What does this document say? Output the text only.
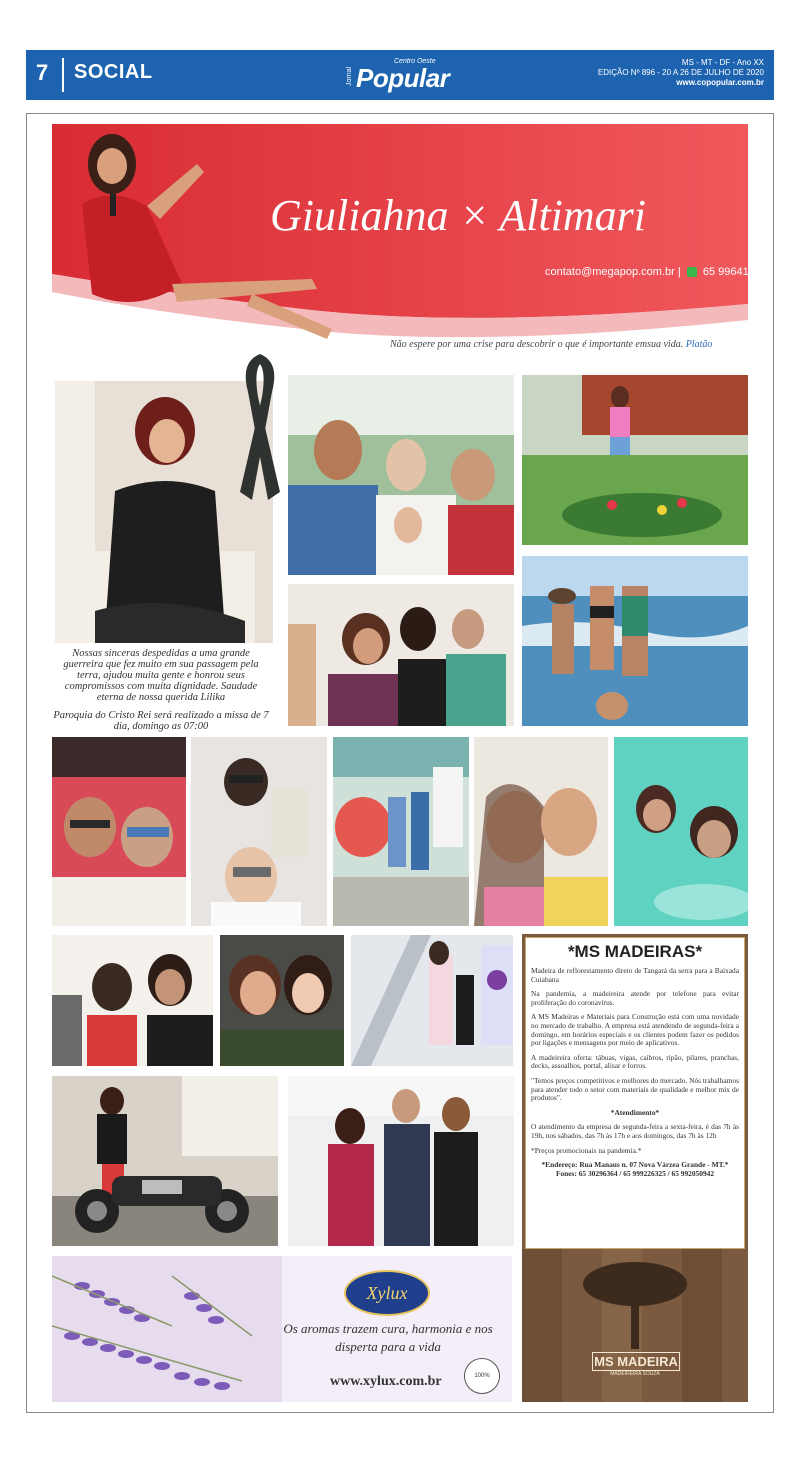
7 SOCIAL	Jornal
Centro Oeste
Popular
MS - MT - DF - Ano XX
EDIÇÃO Nº 896 - 20 A 26 DE JULHO DE 2020
www.copopular.com.br
Giuliahna × Altimari
contato@megapop.com.br |  65 996410281
Não espere por uma crise para descobrir o que é importante emsua vida. Platão

Nossas sinceras despedidas a uma grande guerreira que fez muito em sua passagem pela terra, ajudou muita gente e honrou seus compromissos com muita dignidade. Saudade eterna de nossa querida Lilika

Paroquia do Cristo Rei será realizado a missa de 7 dia, domingo as 07:00

*MS MADEIRAS*

Madeira de reflorestamento direto de Tangará da serra para a Baixada Cuiabana

Na pandemia, a madeireira atende por telefone para evitar proliferação do coronavírus.

A MS Madeiras e Materiais para Construção está com uma novidade no mercado de trabalho. A empresa está atendendo de segunda-feira a domingo, em horários especiais e os clientes podem fazer os pedidos por ligações e mensagens por meio de aplicativos.

A madeireira oferta: tábuas, vigas, caibros, ripão, pilares, pranchas, decks, assoalhos, portal, alisar e forros.

"Temos preços competitivos e melhores do mercado. Nós trabalhamos para atender todo o setor com materiais de qualidade e melhor mix de produtos".

*Atendimento*

O atendimento da empresa de segunda-feira a sexta-feira, é das 7h às 19h, nos sábados, das 7h às 17h e aos domingos, das 7h às 12h

*Preços promocionais na pandemia.*

*Endereço: Rua Manaus n. 07 Nova Várzea Grande - MT.* Fones: 65 30296364 / 65 999226325 / 65 992050942

MS MADEIRA
MADEIREIRA SOUZA
Xylux
Os aromas trazem cura, harmonia e nos disperta para a vida
www.xylux.com.br	100%
